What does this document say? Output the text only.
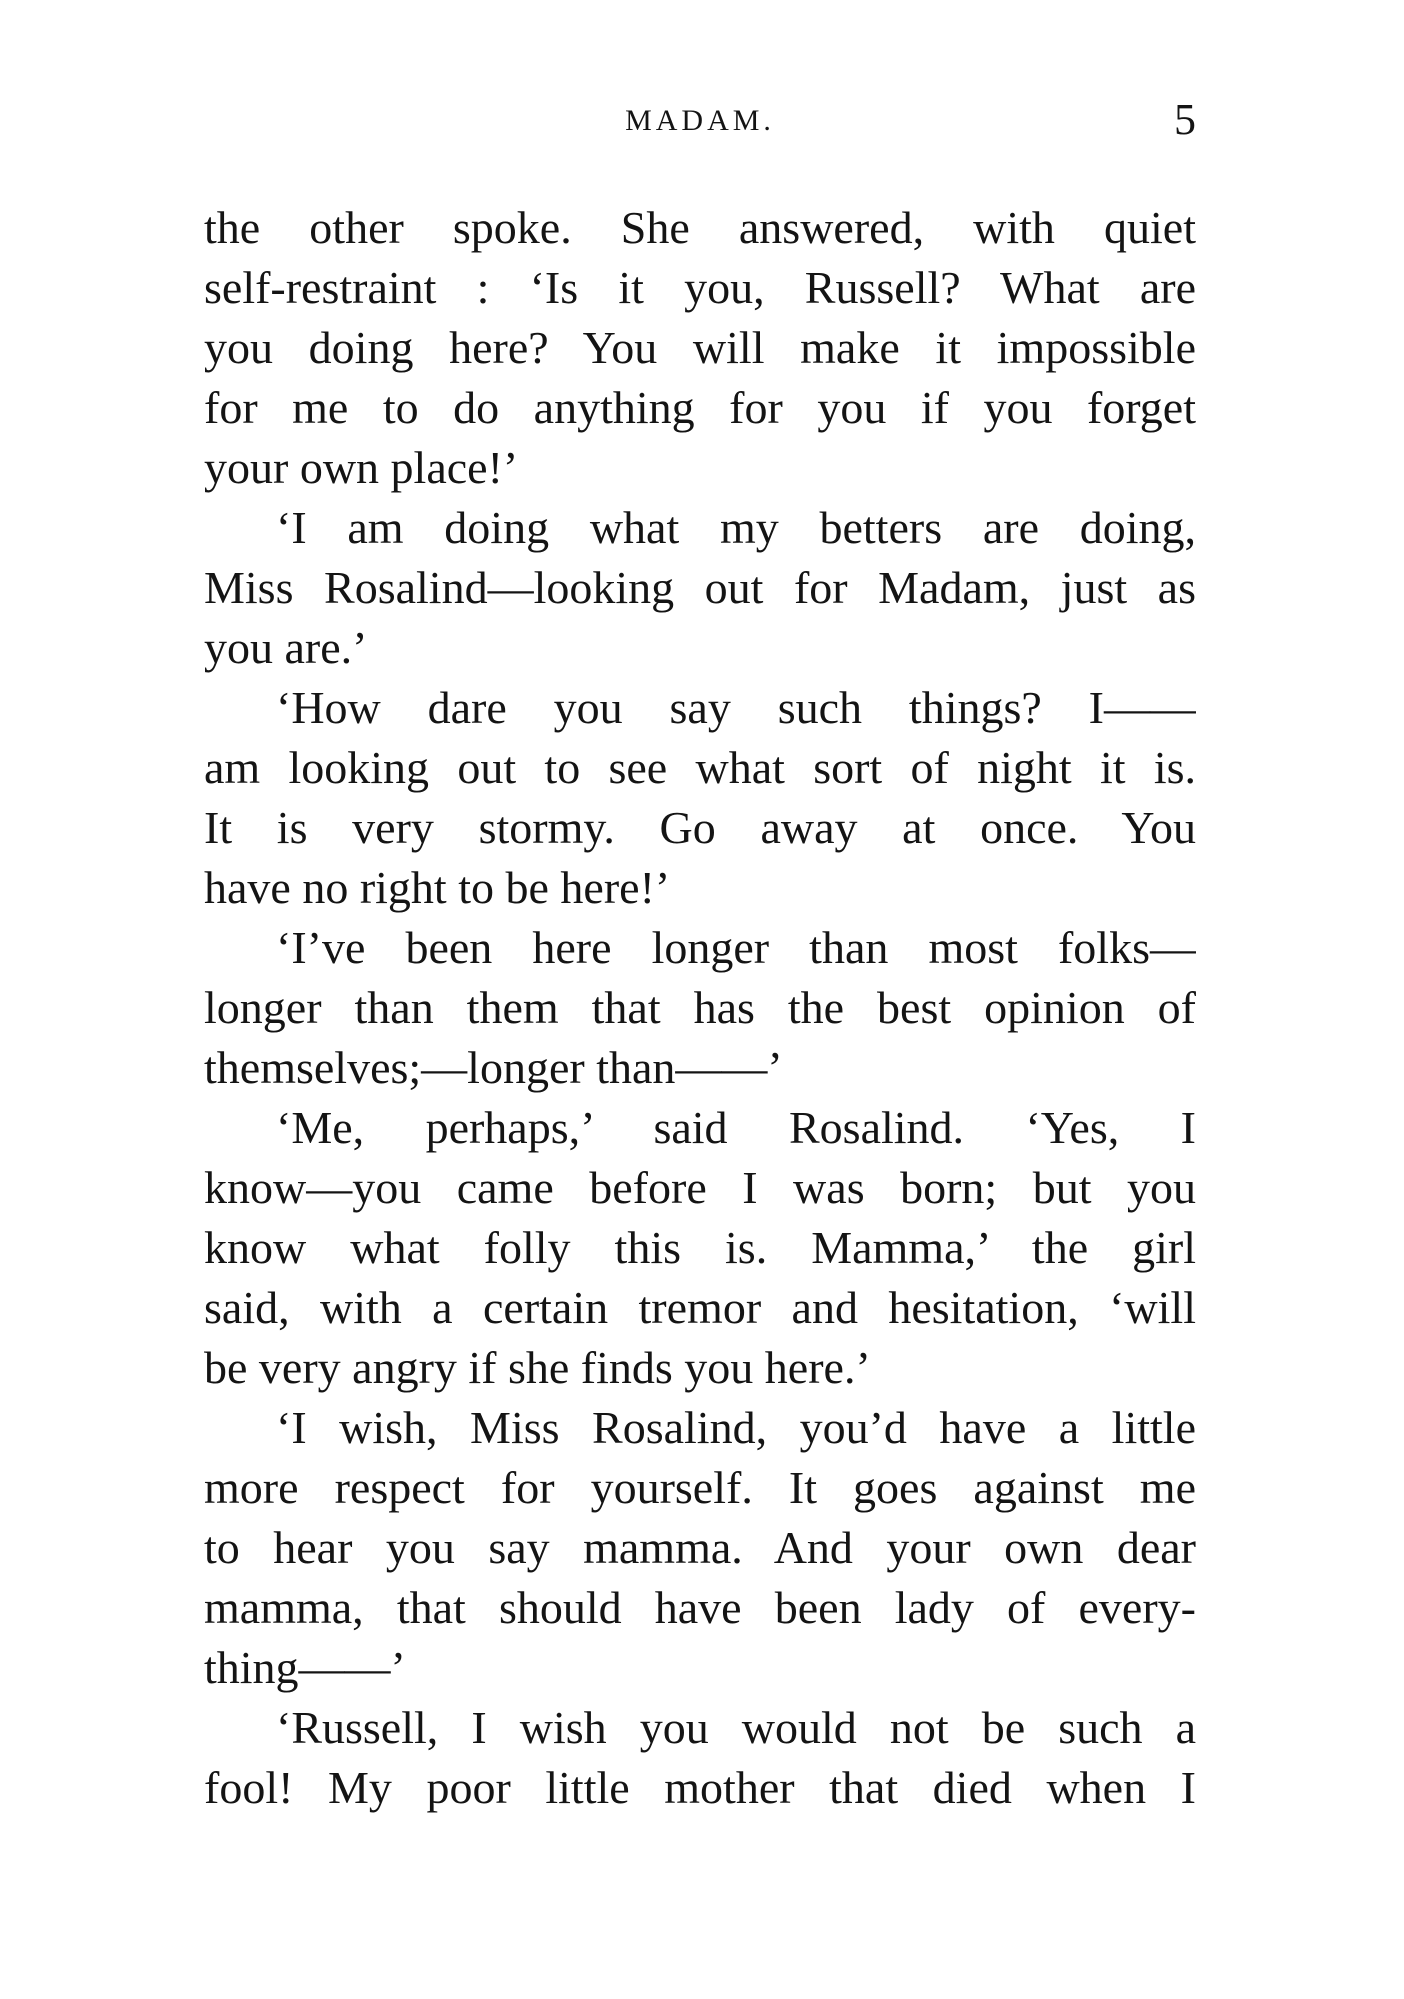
MADAM.	5
the other spoke. She answered, with quiet
self-restraint : ‘Is it you, Russell? What are
you doing here? You will make it impossible
for me to do anything for you if you forget
your own place!’
‘I am doing what my betters are doing,
Miss Rosalind—looking out for Madam, just as
you are.’
‘How dare you say such things? I——
am looking out to see what sort of night it is.
It is very stormy. Go away at once. You
have no right to be here!’
‘I’ve been here longer than most folks—
longer than them that has the best opinion of
themselves;—longer than——’
‘Me, perhaps,’ said Rosalind. ‘Yes, I
know—you came before I was born; but you
know what folly this is. Mamma,’ the girl
said, with a certain tremor and hesitation, ‘will
be very angry if she finds you here.’
‘I wish, Miss Rosalind, you’d have a little
more respect for yourself. It goes against me
to hear you say mamma. And your own dear
mamma, that should have been lady of every-
thing——’
‘Russell, I wish you would not be such a
fool! My poor little mother that died when I
